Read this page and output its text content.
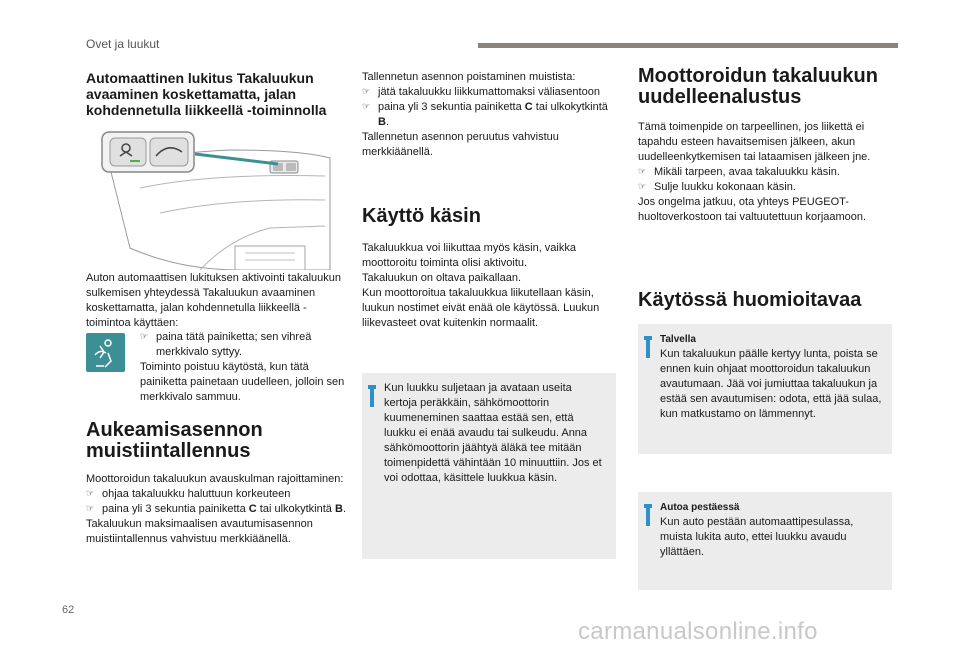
Ovet ja luukut

Automaattinen lukitus Takaluukun avaaminen koskettamatta, jalan kohdennetulla liikkeellä -toiminnolla

Auton automaattisen lukituksen aktivointi takaluukun sulkemisen yhteydessä Takaluukun avaaminen koskettamatta, jalan kohdennetulla liikkeellä -toimintoa käyttäen:

☞ paina tätä painiketta; sen vihreä merkkivalo syttyy.

Toiminto poistuu käytöstä, kun tätä painiketta painetaan uudelleen, jolloin sen merkkivalo sammuu.

Aukeamisasennon muistiintallennus

Moottoroidun takaluukun avauskulman rajoittaminen:

☞ ohjaa takaluukku haluttuun korkeuteen

☞ paina yli 3 sekuntia painiketta C tai ulkokytkintä B.

Takaluukun maksimaalisen avautumisasennon muistiintallennus vahvistuu merkkiäänellä.

Tallennetun asennon poistaminen muistista:

☞ jätä takaluukku liikkumattomaksi väliasentoon

☞ paina yli 3 sekuntia painiketta C tai ulkokytkintä B.

Tallennetun asennon peruutus vahvistuu merkkiäänellä.

Käyttö käsin

Takaluukkua voi liikuttaa myös käsin, vaikka moottoroitu toiminta olisi aktivoitu.

Takaluukun on oltava paikallaan.

Kun moottoroitua takaluukkua liikutellaan käsin, luukun nostimet eivät enää ole käytössä. Luukun liikevasteet ovat kuitenkin normaalit.

Kun luukku suljetaan ja avataan useita kertoja peräkkäin, sähkömoottorin kuumeneminen saattaa estää sen, että luukku ei enää avaudu tai sulkeudu. Anna sähkömoottorin jäähtyä äläkä tee mitään toimenpidettä vähintään 10 minuuttiin. Jos et voi odottaa, käsittele luukkua käsin.

Moottoroidun takaluukun uudelleenalustus

Tämä toimenpide on tarpeellinen, jos liikettä ei tapahdu esteen havaitsemisen jälkeen, akun uudelleenkytkemisen tai lataamisen jälkeen jne.

☞ Mikäli tarpeen, avaa takaluukku käsin.

☞ Sulje luukku kokonaan käsin.

Jos ongelma jatkuu, ota yhteys PEUGEOT-huoltoverkostoon tai valtuutettuun korjaamoon.

Käytössä huomioitavaa

Talvella
Kun takaluukun päälle kertyy lunta, poista se ennen kuin ohjaat moottoroidun takaluukun avautumaan. Jää voi jumiuttaa takaluukun ja estää sen avautumisen: odota, että jää sulaa, kun matkustamo on lämmennyt.
Autoa pestäessä
Kun auto pestään automaattipesulassa, muista lukita auto, ettei luukku avaudu yllättäen.
62
carmanualsonline.info
